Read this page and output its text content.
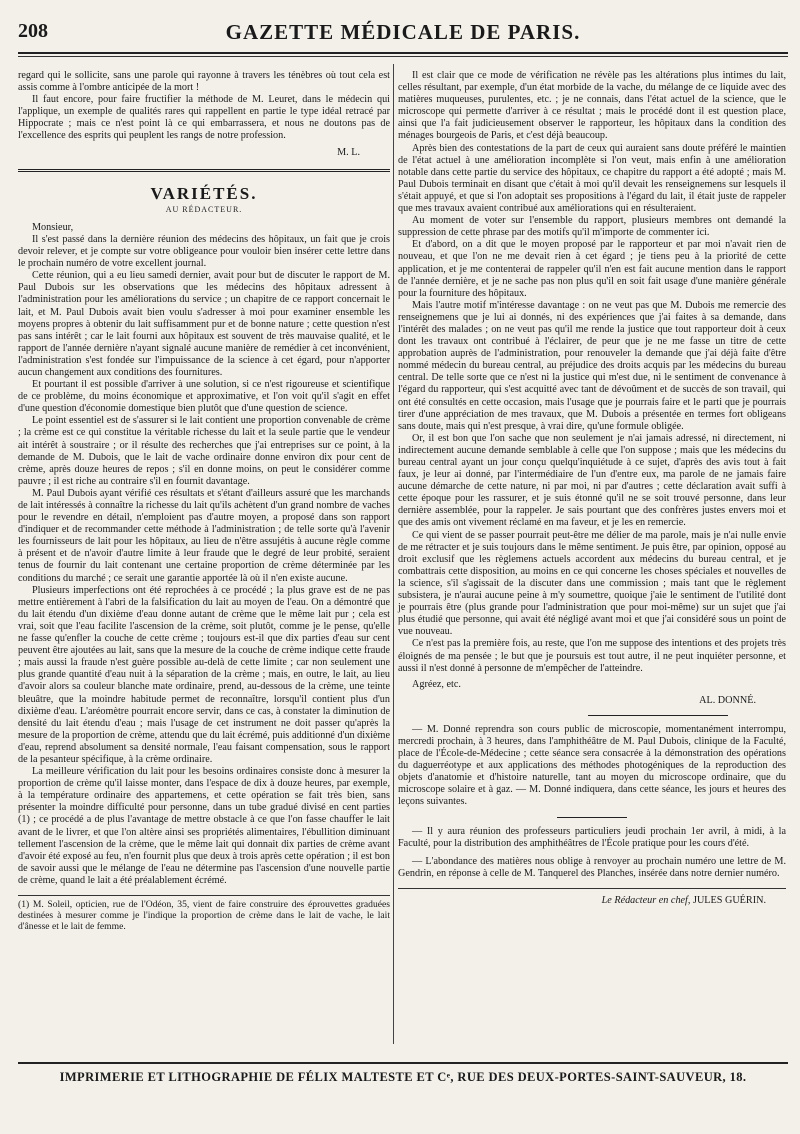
208	GAZETTE MÉDICALE DE PARIS.

regard qui le sollicite, sans une parole qui rayonne à travers les ténèbres où tout cela est assis comme à l'ombre anticipée de la mort !

Il faut encore, pour faire fructifier la méthode de M. Leuret, dans le médecin qui l'applique, un exemple de qualités rares qui rappellent en partie le type idéal retracé par Hippocrate ; mais ce n'est point là ce qui embarrassera, et nous ne doutons pas de l'excellence des esprits qui peuplent les rangs de notre profession.

M. L.
VARIÉTÉS.
AU RÉDACTEUR.

Monsieur,

Il s'est passé dans la dernière réunion des médecins des hôpitaux, un fait que je crois devoir relever, et je compte sur votre obligeance pour vouloir bien insérer cette lettre dans le prochain numéro de votre excellent journal.

Cette réunion, qui a eu lieu samedi dernier, avait pour but de discuter le rapport de M. Paul Dubois sur les observations que les médecins des hôpitaux adressent à l'administration pour les améliorations du service ; un chapitre de ce rapport concernait le lait, et M. Paul Dubois avait bien voulu s'adresser à moi pour examiner ensemble les moyens propres à obtenir du lait suffisamment pur et de bonne nature ; cette question n'est pas sans intérêt ; car le lait fourni aux hôpitaux est souvent de très mauvaise qualité, et le rapport de l'année dernière n'ayant signalé aucune manière de remédier à cet inconvénient, l'administration s'est fondée sur l'impuissance de la science à cet égard, pour n'apporter aucun changement aux conditions des fournitures.

Et pourtant il est possible d'arriver à une solution, si ce n'est rigoureuse et scientifique de ce problème, du moins économique et approximative, et l'on voit qu'il s'agit en effet d'une question d'économie domestique bien plutôt que d'une question de science.

Le point essentiel est de s'assurer si le lait contient une proportion convenable de crème ; la crème est ce qui constitue la véritable richesse du lait et la seule partie que le vendeur ait intérêt à soustraire ; or il résulte des recherches que j'ai entreprises sur ce point, à la demande de M. Dubois, que le lait de vache ordinaire donne environ dix pour cent de crème, après douze heures de repos ; s'il en donne moins, on peut le considérer comme pauvre ; il est riche au contraire s'il en fournit davantage.

M. Paul Dubois ayant vérifié ces résultats et s'étant d'ailleurs assuré que les marchands de lait intéressés à connaître la richesse du lait qu'ils achètent d'un grand nombre de vaches pour le revendre en détail, n'emploient pas d'autre moyen, a proposé dans son rapport d'indiquer et de recommander cette méthode à l'administration ; de telle sorte qu'à l'avenir les fournisseurs de lait pour les hôpitaux, au lieu de n'être assujétis à aucune règle comme à présent et de n'avoir d'autre limite à leur fraude que le degré de leur probité, seraient tenus de fournir du lait contenant une certaine proportion de crème déterminée par les conditions du marché ; ce serait une garantie apportée là où il n'en existe aucune.

Plusieurs imperfections ont été reprochées à ce procédé ; la plus grave est de ne pas mettre entièrement à l'abri de la falsification du lait au moyen de l'eau. On a démontré que du lait étendu d'un dixième d'eau donne autant de crème que le même lait pur ; cela est vrai, soit que l'eau facilite l'ascension de la crème, soit plutôt, comme je le pense, qu'elle ne fasse qu'enfler la couche de cette crème ; toujours est-il que dix parties d'eau sur cent peuvent être ajoutées au lait, sans que la mesure de la couche de crème indique cette fraude ; mais aussi la fraude n'est guère possible au-delà de cette limite ; car non seulement une plus grande quantité d'eau nuit à la séparation de la crème ; mais, en outre, le lait, au lieu d'avoir alors sa couleur blanche mate ordinaire, prend, au-dessous de la crème, une teinte bleuâtre, que la moindre habitude permet de reconnaître, lorsqu'il contient plus d'un dixième d'eau. L'aréomètre pourrait encore servir, dans ce cas, à constater la diminution de densité du lait étendu d'eau ; mais l'usage de cet instrument ne doit passer qu'après la mesure de la proportion de crème, attendu que du lait écrémé, puis additionné d'un dixième d'eau, reprend absolument sa densité normale, l'eau faisant compensation, sous le rapport de la pesanteur spécifique, à la crème ordinaire.

La meilleure vérification du lait pour les besoins ordinaires consiste donc à mesurer la proportion de crème qu'il laisse monter, dans l'espace de dix à douze heures, par exemple, à la température ordinaire des appartemens, et cette opération se fait très bien, sans présenter la moindre difficulté pour personne, dans un tube gradué divisé en cent parties (1) ; ce procédé a de plus l'avantage de mettre obstacle à ce que l'on fasse chauffer le lait avant de le livrer, et que l'on altère ainsi ses propriétés alimentaires, l'ébullition diminuant tellement l'ascension de la crème, que le même lait qui donnait dix parties de crème avant d'avoir été exposé au feu, n'en fournit plus que deux à trois après cette opération ; il est bon de savoir aussi que le mélange de l'eau ne détermine pas l'ascension d'une nouvelle partie de crème, quand le lait a été préalablement écrémé.

(1) M. Soleil, opticien, rue de l'Odéon, 35, vient de faire construire des éprouvettes graduées destinées à mesurer comme je l'indique la proportion de crème dans le lait de vache, le lait d'ânesse et le lait de femme.

Il est clair que ce mode de vérification ne révèle pas les altérations plus intimes du lait, celles résultant, par exemple, d'un état morbide de la vache, du mélange de ce liquide avec des matières muqueuses, purulentes, etc. ; je ne connais, dans l'état actuel de la science, que le microscope qui permette d'arriver à ce résultat ; mais le procédé dont il est question place, ainsi que l'a fait judicieusement observer le rapporteur, les hôpitaux dans la condition des ménages bourgeois de Paris, et c'est déjà beaucoup.

Après bien des contestations de la part de ceux qui auraient sans doute préféré le maintien de l'état actuel à une amélioration incomplète si l'on veut, mais enfin à une amélioration notable dans cette partie du service des hôpitaux, ce chapitre du rapport a été adopté ; mais M. Paul Dubois terminait en disant que c'était à moi qu'il devait les renseignemens sur lesquels il s'était appuyé, et que si l'on adoptait ses propositions à l'égard du lait, il était juste de rappeler que mes travaux avaient contribué aux améliorations qui en résulteraient.

Au moment de voter sur l'ensemble du rapport, plusieurs membres ont demandé la suppression de cette phrase par des motifs qu'il m'importe de commenter ici.

Et d'abord, on a dit que le moyen proposé par le rapporteur et par moi n'avait rien de nouveau, et que l'on ne me devait rien à cet égard ; je tiens peu à la priorité de cette application, et je me contenterai de rappeler qu'il n'en est fait aucune mention dans le rapport de l'année dernière, et je ne sache pas non plus qu'il en soit fait usage d'une manière générale pour la fourniture des hôpitaux.

Mais l'autre motif m'intéresse davantage : on ne veut pas que M. Dubois me remercie des renseignemens que je lui ai donnés, ni des expériences que j'ai faites à sa demande, dans l'intérêt des malades ; on ne veut pas qu'il me rende la justice que tout rapporteur doit à ceux dont les travaux ont contribué à l'éclairer, de peur que je ne me fasse un titre de cette approbation auprès de l'administration, pour renouveler la demande que j'ai déjà faite d'être nommé médecin du bureau central, au préjudice des droits acquis par les médecins du bureau central. De telle sorte que ce n'est ni la justice qui m'est due, ni le sentiment de convenance à l'égard du rapporteur, qui s'est acquitté avec tant de dévoûment et de succès de son travail, qui ont été consultés en cette occasion, mais l'usage que je pourrais faire et le parti que je pourrais tirer d'une appréciation de mes travaux, que M. Dubois a présentée en termes fort obligeans sans doute, mais qui n'est presque, à vrai dire, qu'une formule obligée.

Or, il est bon que l'on sache que non seulement je n'ai jamais adressé, ni directement, ni indirectement aucune demande semblable à celle que l'on suppose ; mais que les médecins du bureau central ayant un jour conçu quelqu'inquiétude à ce sujet, d'après des avis tout à fait faux, je leur ai donné, par l'intermédiaire de l'un d'entre eux, ma parole de ne jamais faire aucune démarche de cette nature, ni par moi, ni par d'autres ; cette déclaration avait suffi à cette époque pour les rassurer, et je suis étonné qu'il ne se soit trouvé personne, dans leur dernière assemblée, pour la rappeler. Je sais pourtant que des confrères justes envers moi et que des amis ont vivement réclamé en ma faveur, et je les en remercie.

Ce qui vient de se passer pourrait peut-être me délier de ma parole, mais je n'ai nulle envie de me rétracter et je suis toujours dans le même sentiment. Je puis être, par opinion, opposé au droit exclusif que les règlemens actuels accordent aux médecins du bureau central, et je combattrais cette disposition, au moins en ce qui concerne les choses spéciales et nouvelles de la science, s'il s'agissait de la discuter dans une commission ; mais tant que le règlement subsistera, je n'aurai aucune peine à m'y soumettre, quoique j'aie le sentiment de l'utilité dont je pourrais être (plus grande pour l'administration que pour moi-même) sur un sujet que j'ai plus étudié que personne, qui avait été négligé avant moi et que j'ai considéré sous un point de vue nouveau.

Ce n'est pas la première fois, au reste, que l'on me suppose des intentions et des projets très éloignés de ma pensée ; le but que je poursuis est tout autre, il ne peut inquiéter personne, et aussi il n'est donné à personne de m'empêcher de l'atteindre.

Agréez, etc.

AL. DONNÉ.

— M. Donné reprendra son cours public de microscopie, momentanément interrompu, mercredi prochain, à 3 heures, dans l'amphithéâtre de M. Paul Dubois, clinique de la Faculté, place de l'École-de-Médecine ; cette séance sera consacrée à la démonstration des opérations du daguerréotype et aux applications des méthodes photogéniques de la reproduction des objets d'anatomie et d'histoire naturelle, tant au moyen du microscope ordinaire, que du microscope solaire et à gaz. — M. Donné indiquera, dans cette séance, les jours et heures des leçons suivantes.

— Il y aura réunion des professeurs particuliers jeudi prochain 1er avril, à midi, à la Faculté, pour la distribution des amphithéâtres de l'École pratique pour les cours d'été.

— L'abondance des matières nous oblige à renvoyer au prochain numéro une lettre de M. Gendrin, en réponse à celle de M. Tanquerel des Planches, insérée dans notre dernier numéro.

Le Rédacteur en chef, JULES GUÉRIN.
IMPRIMERIE ET LITHOGRAPHIE DE FÉLIX MALTESTE ET Cᵉ, RUE DES DEUX-PORTES-SAINT-SAUVEUR, 18.
